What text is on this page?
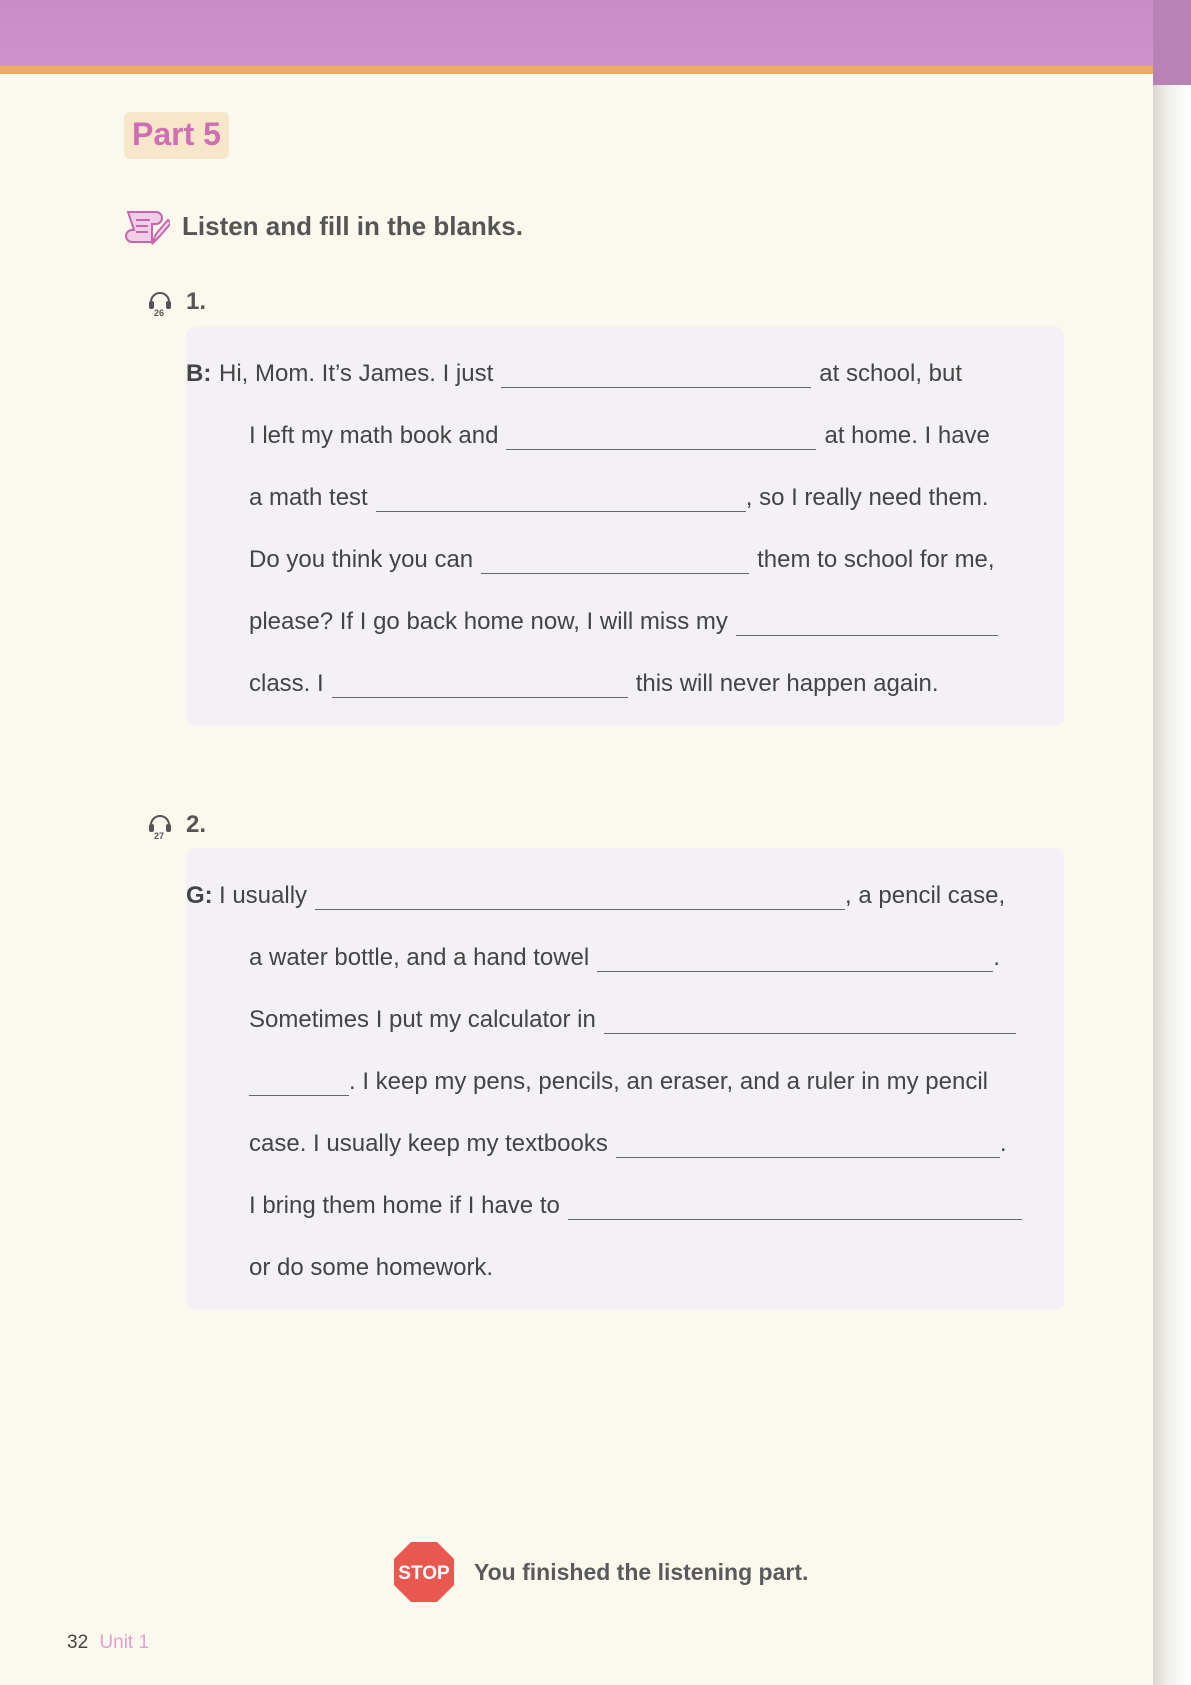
Part 5
Listen and fill in the blanks.
26 1.
B: Hi, Mom. It’s James. I just	at school, but
I left my math book and	at home. I have
a math test	, so I really need them.
Do you think you can	them to school for me,
please? If I go back home now, I will miss my
class. I	this will never happen again.
27 2.
G: I usually	, a pencil case,
a water bottle, and a hand towel	.
Sometimes I put my calculator in
. I keep my pens, pencils, an eraser, and a ruler in my pencil
case. I usually keep my textbooks	.
I bring them home if I have to
or do some homework.
STOP You finished the listening part.
32 Unit 1
